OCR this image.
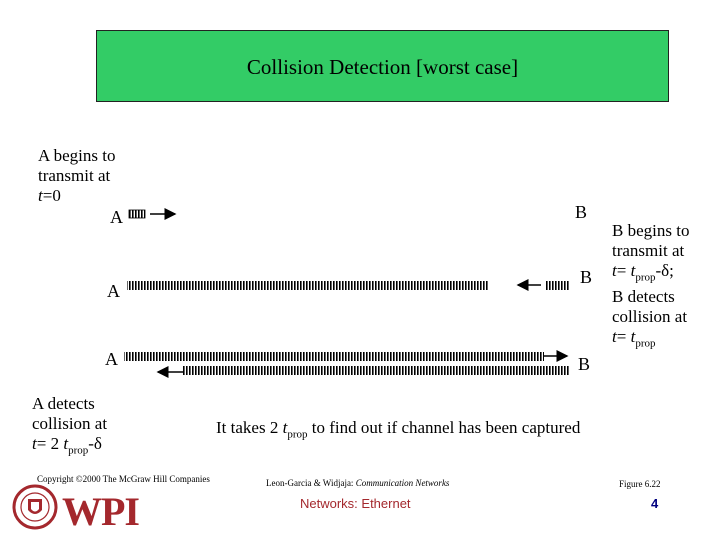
Collision Detection [worst case]
A begins to
transmit at
t=0
B begins to
transmit at
$t= t_{prop}-\delta$;
B detects
collision at
$t= t_{prop}$
A detects
collision at
t= 2 $t_{prop}-\delta$
It takes 2 $t_{prop}$ to find out if channel has been captured
A	B
A
B
A	B
Copyright ©2000 The McGraw Hill Companies	Leon-Garcia & Widjaja: Communication Networks	Figure 6.22
Networks: Ethernet	4
WPI
